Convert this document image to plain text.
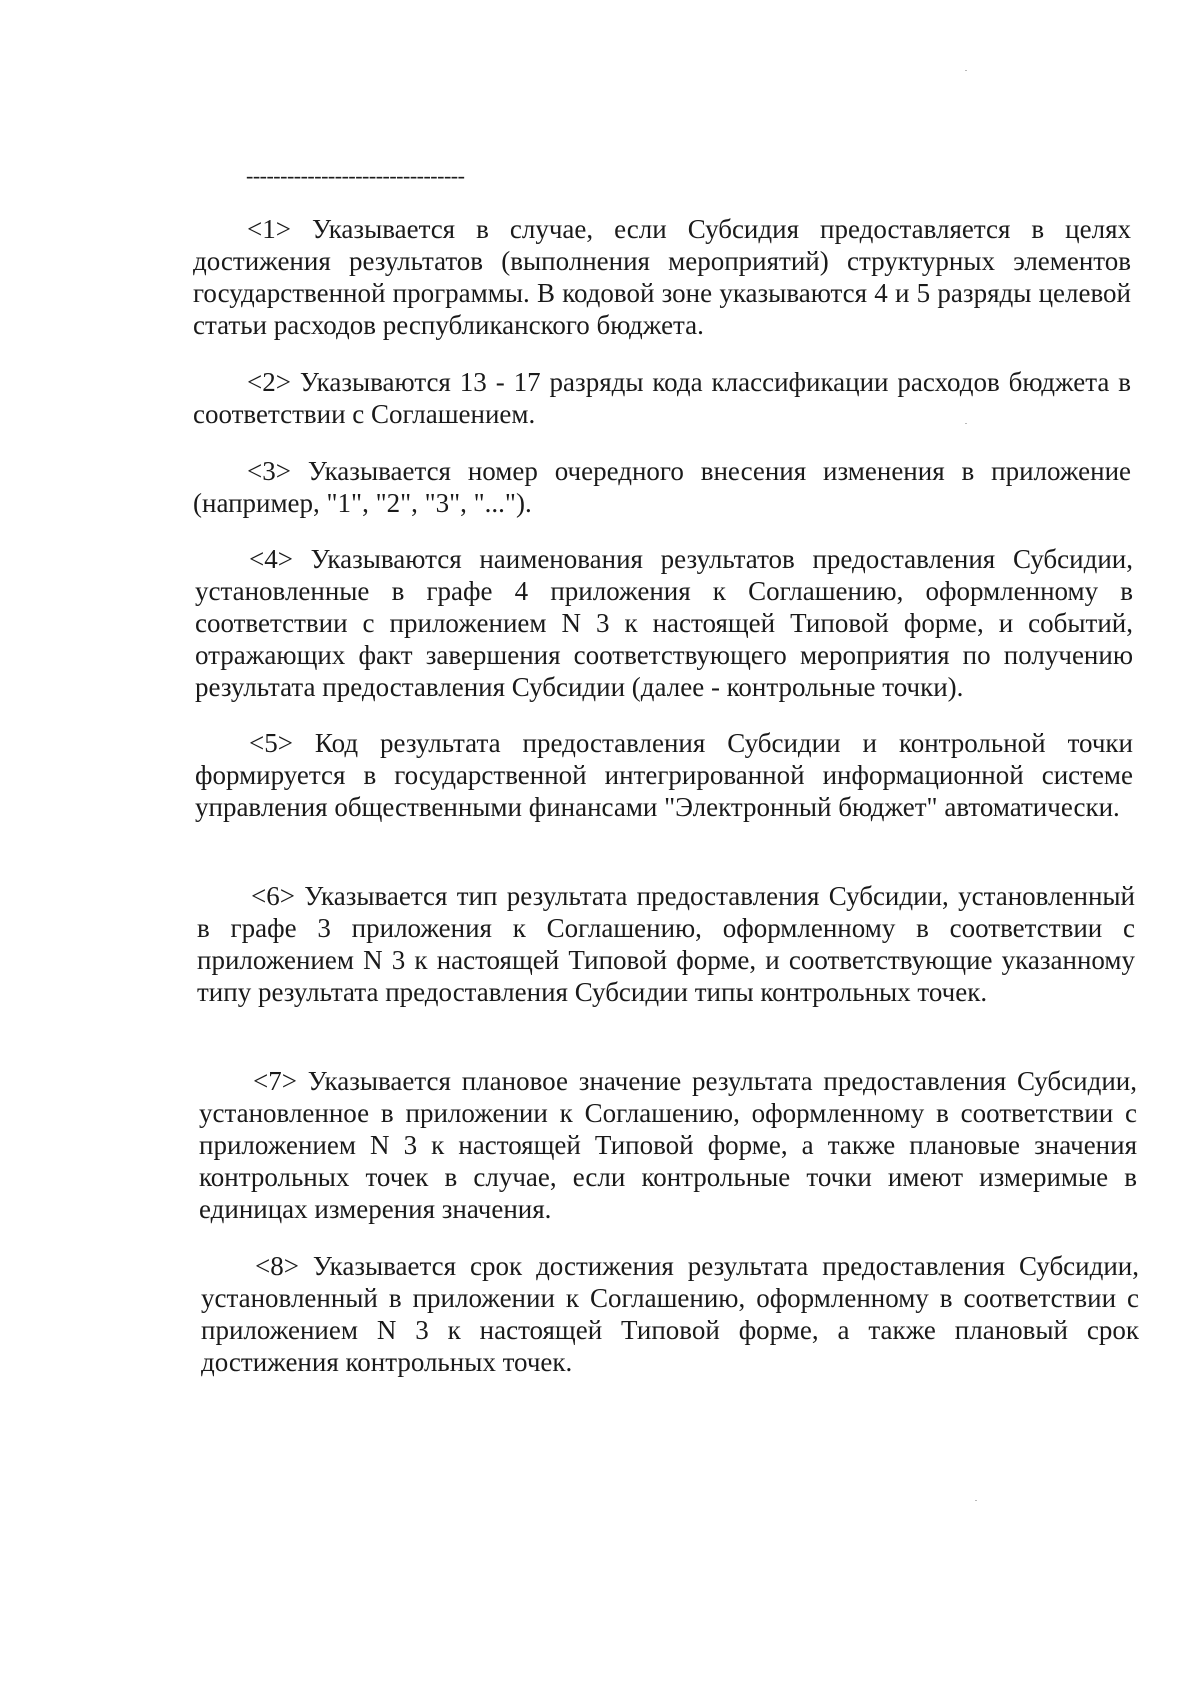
--------------------------------

<1> Указывается в случае, если Субсидия предоставляется в целях достижения результатов (выполнения мероприятий) структурных элементов государственной программы. В кодовой зоне указываются 4 и 5 разряды целевой статьи расходов республиканского бюджета.

<2> Указываются 13 - 17 разряды кода классификации расходов бюджета в соответствии с Соглашением.

<3> Указывается номер очередного внесения изменения в приложение (например, "1", "2", "3", "...").

<4> Указываются наименования результатов предоставления Субсидии, установленные в графе 4 приложения к Соглашению, оформленному в соответствии с приложением N 3 к настоящей Типовой форме, и событий, отражающих факт завершения соответствующего мероприятия по получению результата предоставления Субсидии (далее - контрольные точки).

<5> Код результата предоставления Субсидии и контрольной точки формируется в государственной интегрированной информационной системе управления общественными финансами "Электронный бюджет" автоматически.

<6> Указывается тип результата предоставления Субсидии, установленный в графе 3 приложения к Соглашению, оформленному в соответствии с приложением N 3 к настоящей Типовой форме, и соответствующие указанному типу результата предоставления Субсидии типы контрольных точек.

<7> Указывается плановое значение результата предоставления Субсидии, установленное в приложении к Соглашению, оформленному в соответствии с приложением N 3 к настоящей Типовой форме, а также плановые значения контрольных точек в случае, если контрольные точки имеют измеримые в единицах измерения значения.

<8> Указывается срок достижения результата предоставления Субсидии, установленный в приложении к Соглашению, оформленному в соответствии с приложением N 3 к настоящей Типовой форме, а также плановый срок достижения контрольных точек.
